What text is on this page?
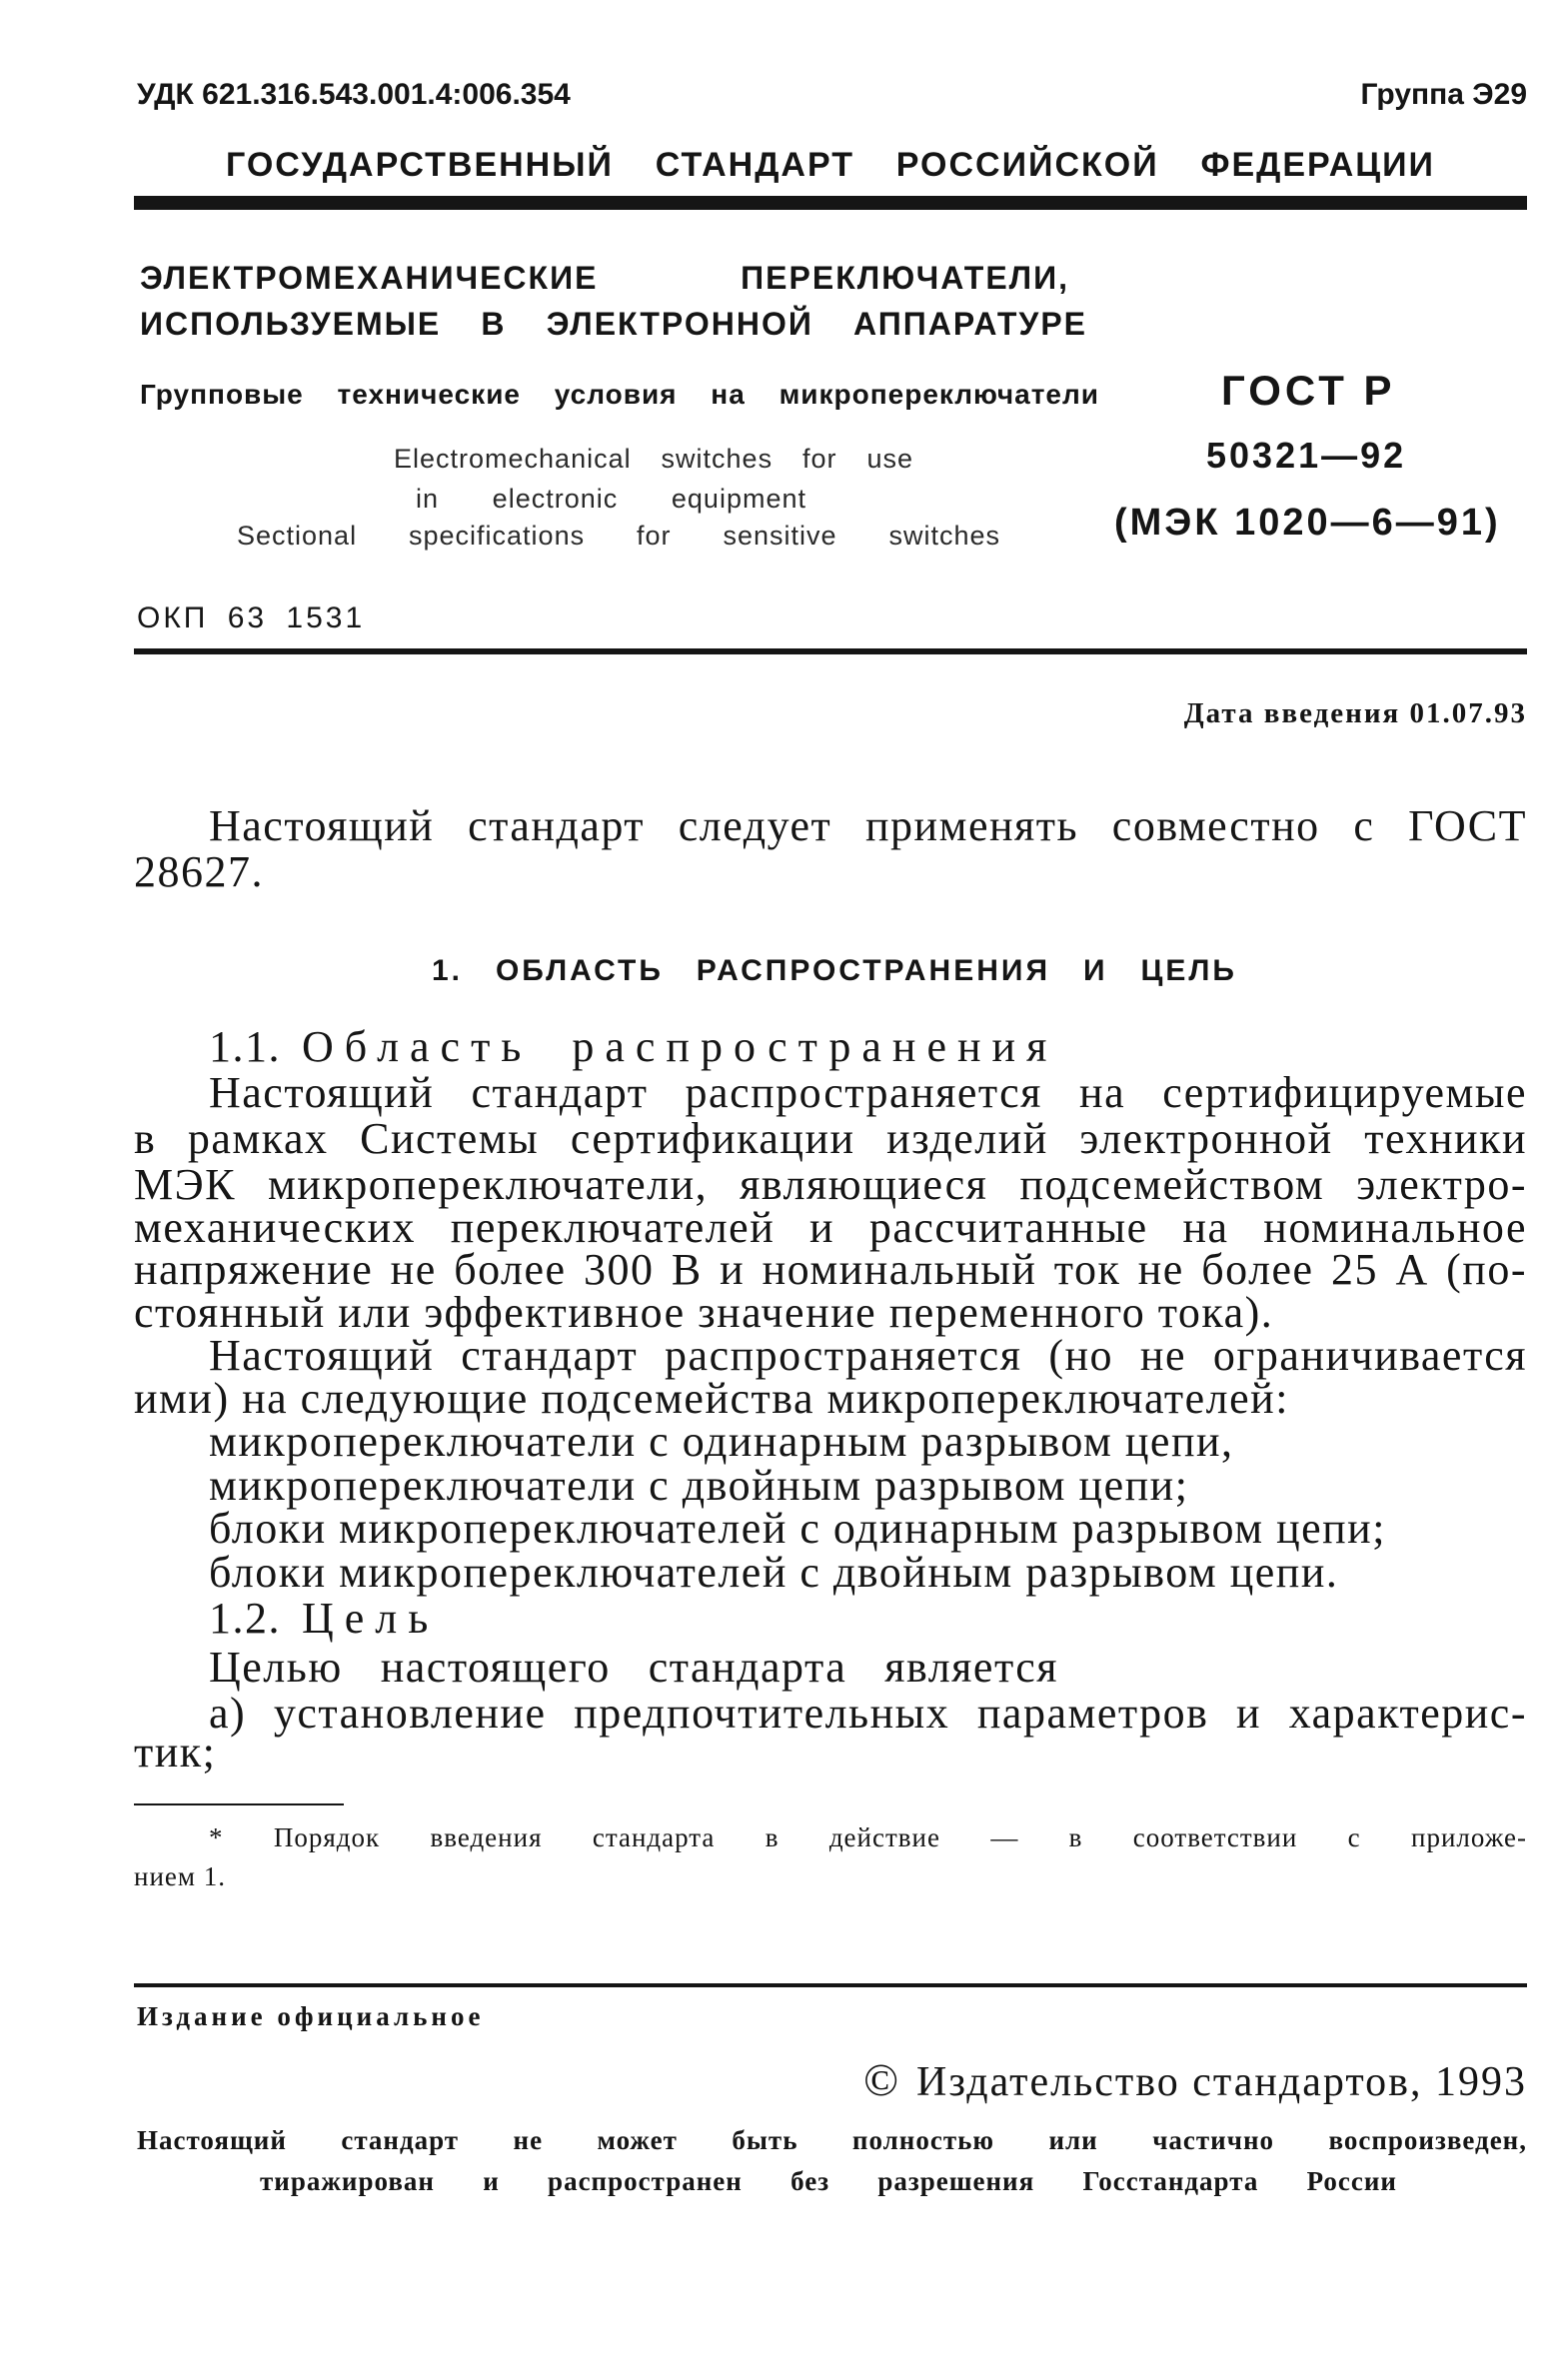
УДК 621.316.543.001.4:006.354	Группа Э29
ГОСУДАРСТВЕННЫЙ СТАНДАРТ РОССИЙСКОЙ ФЕДЕРАЦИИ
ЭЛЕКТРОМЕХАНИЧЕСКИЕ ПЕРЕКЛЮЧАТЕЛИ,
ИСПОЛЬЗУЕМЫЕ В ЭЛЕКТРОННОЙ АППАРАТУРЕ
Групповые технические условия на микропереключатели
Electromechanical switches for use
in electronic equipment
Sectional specifications for sensitive switches
ГОСТ Р
50321—92
(МЭК 1020—6—91)
ОКП 63 1531
Дата введения 01.07.93
Настоящий стандарт следует применять совместно с ГОСТ
28627.
1. ОБЛАСТЬ РАСПРОСТРАНЕНИЯ И ЦЕЛЬ
1.1. Область распространения
Настоящий стандарт распространяется на сертифицируемые
в рамках Системы сертификации изделий электронной техники
МЭК микропереключатели, являющиеся подсемейством электро-
механических переключателей и рассчитанные на номинальное
напряжение не более 300 В и номинальный ток не более 25 А (по-
стоянный или эффективное значение переменного тока).
Настоящий стандарт распространяется (но не ограничивается
ими) на следующие подсемейства микропереключателей:
микропереключатели с одинарным разрывом цепи,
микропереключатели с двойным разрывом цепи;
блоки микропереключателей с одинарным разрывом цепи;
блоки микропереключателей с двойным разрывом цепи.
1.2. Цель
Целью настоящего стандарта является
а) установление предпочтительных параметров и характерис-
тик;
* Порядок введения стандарта в действие — в соответствии с приложе-
нием 1.
Издание официальное
© Издательство стандартов, 1993
Настоящий стандарт не может быть полностью или частично воспроизведен,
тиражирован и распространен без разрешения Госстандарта России
